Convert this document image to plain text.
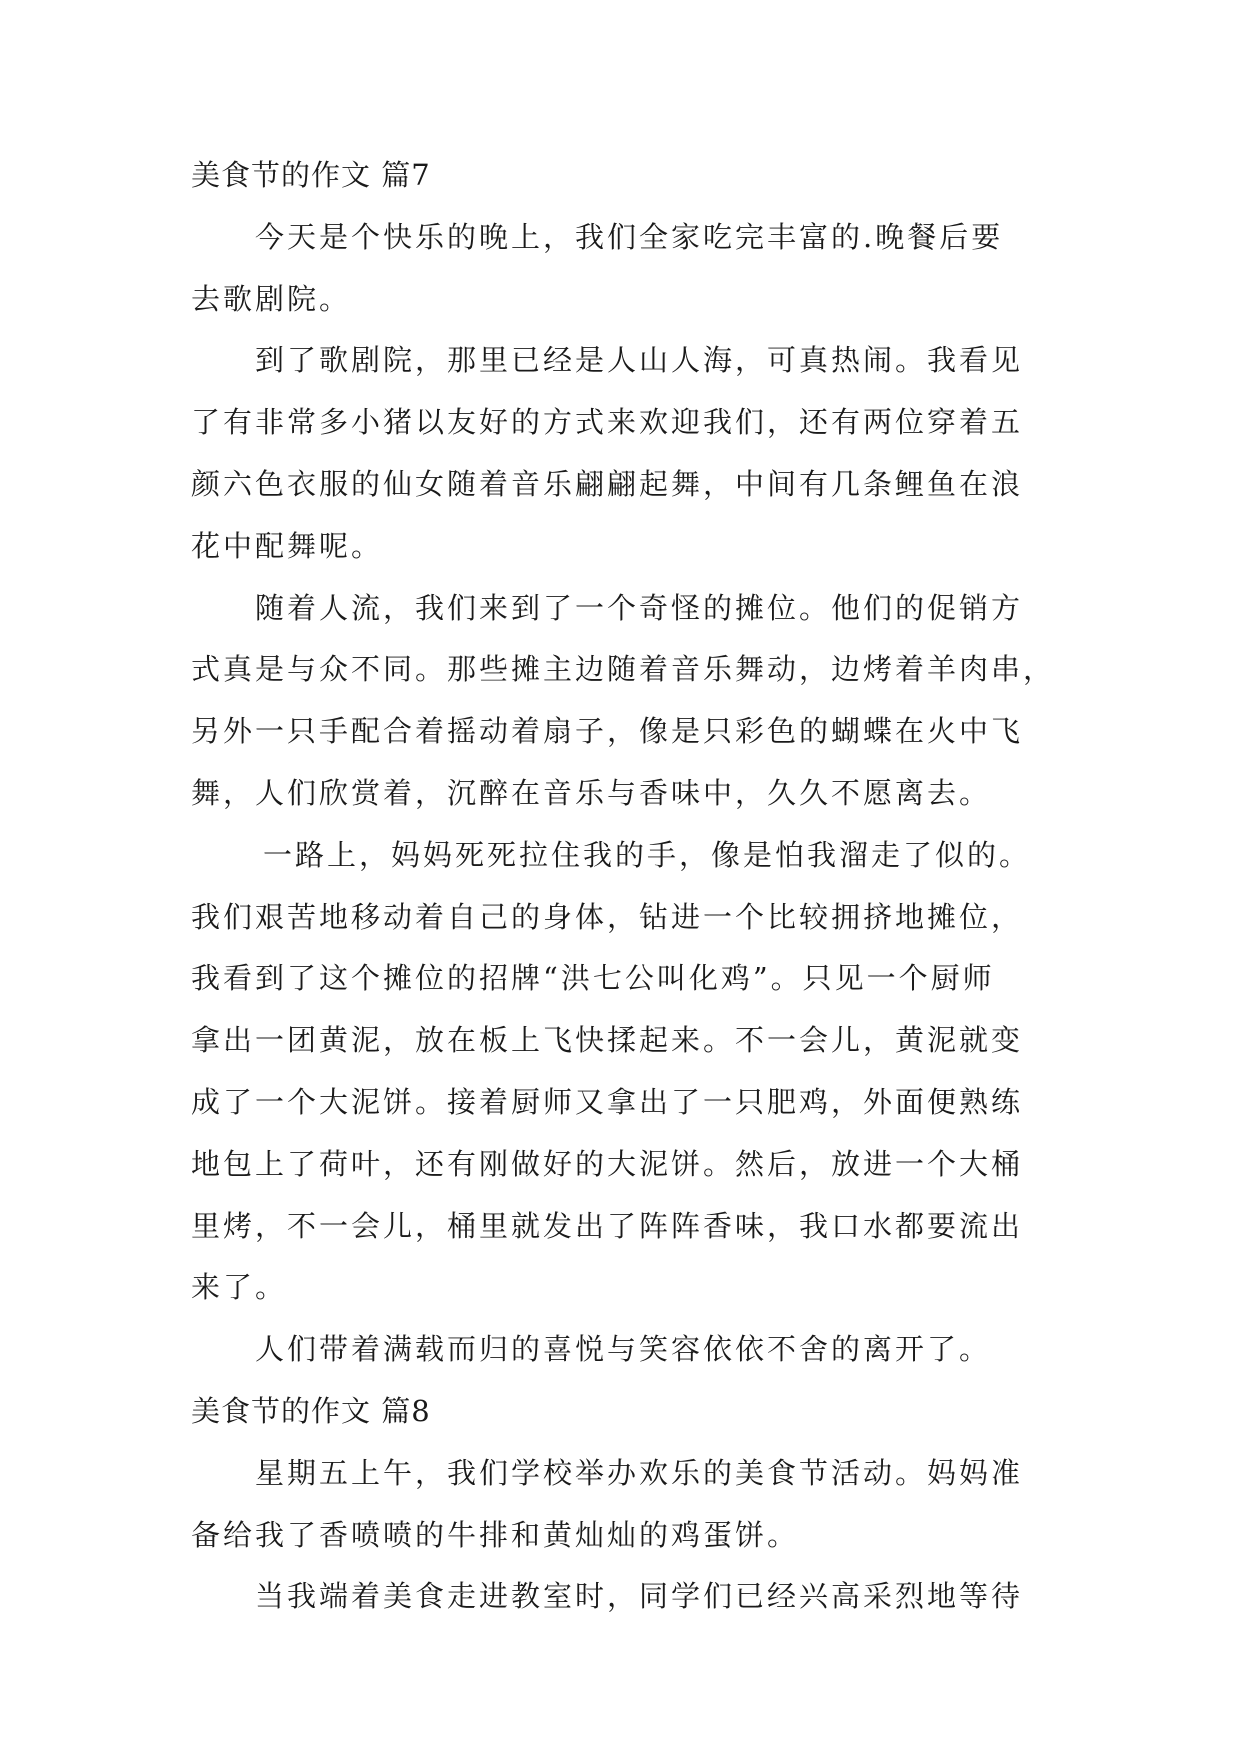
美食节的作文 篇7
今天是个快乐的晚上，我们全家吃完丰富的.晚餐后要
去歌剧院。
到了歌剧院，那里已经是人山人海，可真热闹。我看见
了有非常多小猪以友好的方式来欢迎我们，还有两位穿着五
颜六色衣服的仙女随着音乐翩翩起舞，中间有几条鲤鱼在浪
花中配舞呢。
随着人流，我们来到了一个奇怪的摊位。他们的促销方
式真是与众不同。那些摊主边随着音乐舞动，边烤着羊肉串，
另外一只手配合着摇动着扇子，像是只彩色的蝴蝶在火中飞
舞，人们欣赏着，沉醉在音乐与香味中，久久不愿离去。
一路上，妈妈死死拉住我的手，像是怕我溜走了似的。
我们艰苦地移动着自己的身体，钻进一个比较拥挤地摊位，
我看到了这个摊位的招牌“洪七公叫化鸡”。只见一个厨师
拿出一团黄泥，放在板上飞快揉起来。不一会儿，黄泥就变
成了一个大泥饼。接着厨师又拿出了一只肥鸡，外面便熟练
地包上了荷叶，还有刚做好的大泥饼。然后，放进一个大桶
里烤，不一会儿，桶里就发出了阵阵香味，我口水都要流出
来了。
人们带着满载而归的喜悦与笑容依依不舍的离开了。
美食节的作文 篇8
星期五上午，我们学校举办欢乐的美食节活动。妈妈准
备给我了香喷喷的牛排和黄灿灿的鸡蛋饼。
当我端着美食走进教室时，同学们已经兴高采烈地等待
